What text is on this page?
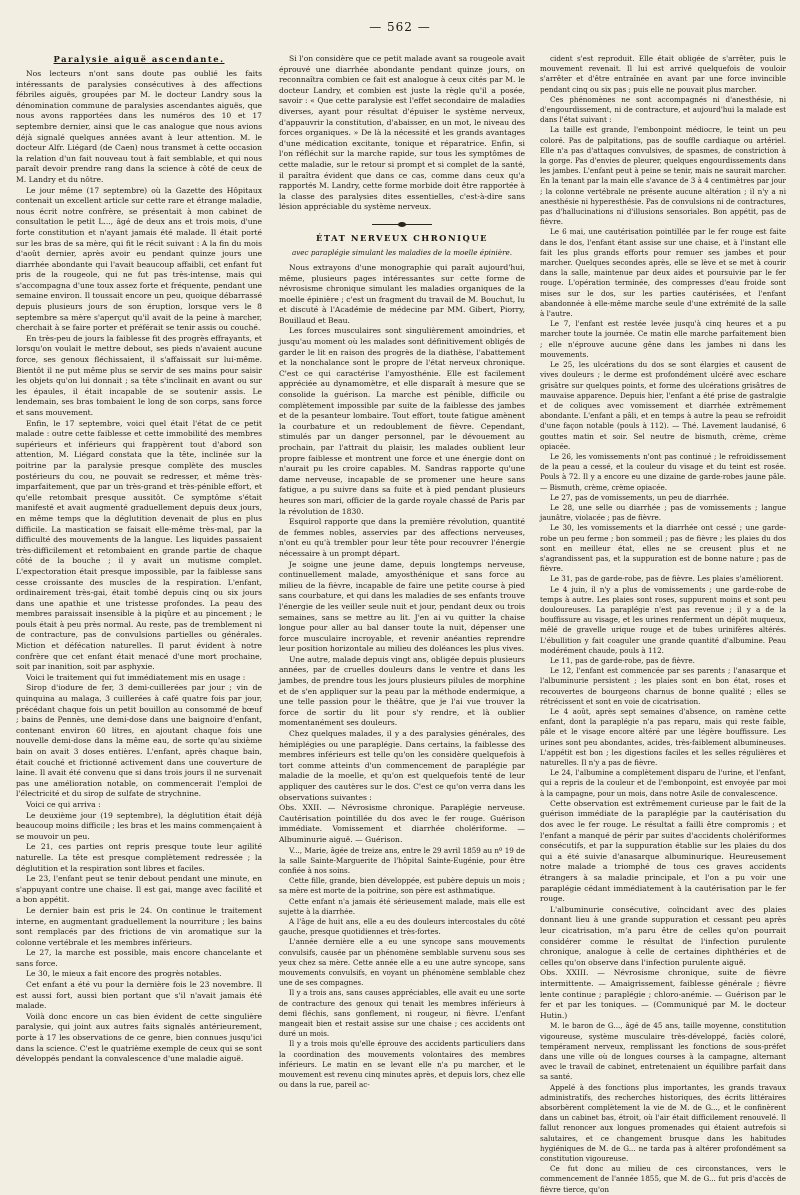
— 562 —
Paralysie aiguë ascendante.

Nos lecteurs n'ont sans doute pas oublié les faits intéressants de paralysies consécutives à des affections fébriles aiguës, groupées par M. le docteur Landry sous la dénomination commune de paralysies ascendantes aiguës, que nous avons rapportées dans les numéros des 10 et 17 septembre dernier, ainsi que le cas analogue que nous avions déjà signalé quelques années avant à leur attention. M. le docteur Alfr. Liégard (de Caen) nous transmet à cette occasion la relation d'un fait nouveau tout à fait semblable, et qui nous paraît devoir prendre rang dans la science à côté de ceux de M. Landry et du nôtre.

Le jour même (17 septembre) où la Gazette des Hôpitaux contenait un excellent article sur cette rare et étrange maladie, nous écrit notre confrère, se présentait à mon cabinet de consultation le petit L..., âgé de deux ans et trois mois, d'une forte constitution et n'ayant jamais été malade. Il était porté sur les bras de sa mère, qui fit le récit suivant : A la fin du mois d'août dernier, après avoir eu pendant quinze jours une diarrhée abondante qui l'avait beaucoup affaibli, cet enfant fut pris de la rougeole, qui ne fut pas très-intense, mais qui s'accompagna d'une toux assez forte et fréquente, pendant une semaine environ. Il toussait encore un peu, quoique débarrassé depuis plusieurs jours de son éruption, lorsque vers le 8 septembre sa mère s'aperçut qu'il avait de la peine à marcher, cherchait à se faire porter et préférait se tenir assis ou couché.

En très-peu de jours la faiblesse fit des progrès effrayants, et lorsqu'on voulait le mettre debout, ses pieds n'avaient aucune force, ses genoux fléchissaient, il s'affaissait sur lui-même. Bientôt il ne put même plus se servir de ses mains pour saisir les objets qu'on lui donnait ; sa tête s'inclinait en avant ou sur les épaules, il était incapable de se soutenir assis. Le lendemain, ses bras tombaient le long de son corps, sans force et sans mouvement.

Enfin, le 17 septembre, voici quel était l'état de ce petit malade : outre cette faiblesse et cette immobilité des membres supérieurs et inférieurs qui frappèrent tout d'abord son attention, M. Liégard constata que la tête, inclinée sur la poitrine par la paralysie presque complète des muscles postérieurs du cou, ne pouvait se redresser, et même très-imparfaitement, que par un très-grand et très-pénible effort, et qu'elle retombait presque aussitôt. Ce symptôme s'était manifesté et avait augmenté graduellement depuis deux jours, en même temps que la déglutition devenait de plus en plus difficile. La mastication se faisait elle-même très-mal, par la difficulté des mouvements de la langue. Les liquides passaient très-difficilement et retombaient en grande partie de chaque côté de la bouche ; il y avait un mutisme complet. L'expectoration était presque impossible, par la faiblesse sans cesse croissante des muscles de la respiration. L'enfant, ordinairement très-gai, était tombé depuis cinq ou six jours dans une apathie et une tristesse profondes. La peau des membres paraissait insensible à la piqûre et au pincement ; le pouls était à peu près normal. Au reste, pas de tremblement ni de contracture, pas de convulsions partielles ou générales. Miction et défécation naturelles. Il parut évident à notre confrère que cet enfant était menacé d'une mort prochaine, soit par inanition, soit par asphyxie.

Voici le traitement qui fut immédiatement mis en usage :

Sirop d'iodure de fer, 3 demi-cuillerées par jour ; vin de quinquina au malaga, 3 cuillerées à café quatre fois par jour, précédant chaque fois un petit bouillon au consommé de bœuf ; bains de Pennès, une demi-dose dans une baignoire d'enfant, contenant environ 60 litres, en ajoutant chaque fois une nouvelle demi-dose dans la même eau, de sorte qu'au sixième bain on avait 3 doses entières. L'enfant, après chaque bain, était couché et frictionné activement dans une couverture de laine. Il avait été convenu que si dans trois jours il ne survenait pas une amélioration notable, on commencerait l'emploi de l'électricité et du sirop de sulfate de strychnine.

Voici ce qui arriva :

Le deuxième jour (19 septembre), la déglutition était déjà beaucoup moins difficile ; les bras et les mains commençaient à se mouvoir un peu.

Le 21, ces parties ont repris presque toute leur agilité naturelle. La tête est presque complètement redressée ; la déglutition et la respiration sont libres et faciles.

Le 23, l'enfant peut se tenir debout pendant une minute, en s'appuyant contre une chaise. Il est gai, mange avec facilité et a bon appétit.

Le dernier bain est pris le 24. On continue le traitement interne, en augmentant graduellement la nourriture ; les bains sont remplacés par des frictions de vin aromatique sur la colonne vertébrale et les membres inférieurs.

Le 27, la marche est possible, mais encore chancelante et sans force.

Le 30, le mieux a fait encore des progrès notables.

Cet enfant a été vu pour la dernière fois le 23 novembre. Il est aussi fort, aussi bien portant que s'il n'avait jamais été malade.

Voilà donc encore un cas bien évident de cette singulière paralysie, qui joint aux autres faits signalés antérieurement, porte à 17 les observations de ce genre, bien connues jusqu'ici dans la science. C'est le quatrième exemple de ceux qui se sont développés pendant la convalescence d'une maladie aiguë.

Si l'on considère que ce petit malade avant sa rougeole avait éprouvé une diarrhée abondante pendant quinze jours, on reconnaîtra combien ce fait est analogue à ceux cités par M. le docteur Landry, et combien est juste la règle qu'il a posée, savoir : « Que cette paralysie est l'effet secondaire de maladies diverses, ayant pour résultat d'épuiser le système nerveux, d'appauvrir la constitution, d'abaisser, en un mot, le niveau des forces organiques. » De là la nécessité et les grands avantages d'une médication excitante, tonique et réparatrice. Enfin, si l'on réfléchit sur la marche rapide, sur tous les symptômes de cette maladie, sur le retour si prompt et si complet de la santé, il paraîtra évident que dans ce cas, comme dans ceux qu'a rapportés M. Landry, cette forme morbide doit être rapportée à la classe des paralysies dites essentielles, c'est-à-dire sans lésion appréciable du système nerveux.

ÉTAT NERVEUX CHRONIQUE
avec paraplégie simulant les maladies de la moelle épinière.

Nous extrayons d'une monographie qui paraît aujourd'hui, même, plusieurs pages intéressantes sur cette forme de névrosisme chronique simulant les maladies organiques de la moelle épinière ; c'est un fragment du travail de M. Bouchut, lu et discuté à l'Académie de médecine par MM. Gibert, Piorry, Bouillaud et Beau.

Les forces musculaires sont singulièrement amoindries, et jusqu'au moment où les malades sont définitivement obligés de garder le lit en raison des progrès de la diathèse, l'abattement et la nonchalance sont le propre de l'état nerveux chronique. C'est ce qui caractérise l'amyosthénie. Elle est facilement appréciée au dynamomètre, et elle disparaît à mesure que se consolide la guérison. La marche est pénible, difficile ou complètement impossible par suite de la faiblesse des jambes et de la pesanteur lombaire. Tout effort, toute fatigue amènent la courbature et un redoublement de fièvre. Cependant, stimulés par un danger personnel, par le dévouement au prochain, par l'attrait du plaisir, les malades oublient leur propre faiblesse et montrent une force et une énergie dont on n'aurait pu les croire capables. M. Sandras rapporte qu'une dame nerveuse, incapable de se promener une heure sans fatigue, a pu suivre dans sa fuite et à pied pendant plusieurs heures son mari, officier de la garde royale chassé de Paris par la révolution de 1830.

Esquirol rapporte que dans la première révolution, quantité de femmes nobles, asservies par des affections nerveuses, n'ont eu qu'à trembler pour leur tête pour recouvrer l'énergie nécessaire à un prompt départ.

Je soigne une jeune dame, depuis longtemps nerveuse, continuellement malade, amyosthénique et sans force au milieu de la fièvre, incapable de faire une petite course à pied sans courbature, et qui dans les maladies de ses enfants trouve l'énergie de les veiller seule nuit et jour, pendant deux ou trois semaines, sans se mettre au lit. J'en ai vu quitter la chaise longue pour aller au bal danser toute la nuit, dépenser une force musculaire incroyable, et revenir anéanties reprendre leur position horizontale au milieu des doléances les plus vives.

Une autre, malade depuis vingt ans, obligée depuis plusieurs années, par de cruelles douleurs dans le ventre et dans les jambes, de prendre tous les jours plusieurs pilules de morphine et de s'en appliquer sur la peau par la méthode endermique, a une telle passion pour le théâtre, que je l'ai vue trouver la force de sortir du lit pour s'y rendre, et là oublier momentanément ses douleurs.

Chez quelques malades, il y a des paralysies générales, des hémiplégies ou une paraplégie. Dans certains, la faiblesse des membres inférieurs est telle qu'on les considère quelquefois à tort comme atteints d'un commencement de paraplégie par maladie de la moelle, et qu'on est quelquefois tenté de leur appliquer des cautères sur le dos. C'est ce qu'on verra dans les observations suivantes :

Obs. XXII. — Névrosisme chronique. Paraplégie nerveuse. Cautérisation pointillée du dos avec le fer rouge. Guérison immédiate. Vomissement et diarrhée cholériforme. — Albuminurie aiguë. — Guérison.

V..., Marie, âgée de treize ans, entre le 29 avril 1859 au nº 19 de la salle Sainte-Marguerite de l'hôpital Sainte-Eugénie, pour être confiée à nos soins.

Cette fille, grande, bien développée, est pubère depuis un mois ; sa mère est morte de la poitrine, son père est asthmatique.

Cette enfant n'a jamais été sérieusement malade, mais elle est sujette à la diarrhée.

A l'âge de huit ans, elle a eu des douleurs intercostales du côté gauche, presque quotidiennes et très-fortes.

L'année dernière elle a eu une syncope sans mouvements convulsifs, causée par un phénomène semblable survenu sous ses yeux chez sa mère. Cette année elle a eu une autre syncope, sans mouvements convulsifs, en voyant un phénomène semblable chez une de ses compagnes.

Il y a trois ans, sans causes appréciables, elle avait eu une sorte de contracture des genoux qui tenait les membres inférieurs à demi fléchis, sans gonflement, ni rougeur, ni fièvre. L'enfant mangeait bien et restait assise sur une chaise ; ces accidents ont duré un mois.

Il y a trois mois qu'elle éprouve des accidents particuliers dans la coordination des mouvements volontaires des membres inférieurs. Le matin en se levant elle n'a pu marcher, et le mouvement est revenu cinq minutes après, et depuis lors, chez elle ou dans la rue, pareil ac-

cident s'est reproduit. Elle était obligée de s'arrêter, puis le mouvement revenait. Il lui est arrivé quelquefois de vouloir s'arrêter et d'être entraînée en avant par une force invincible pendant cinq ou six pas ; puis elle ne pouvait plus marcher.

Ces phénomènes ne sont accompagnés ni d'anesthésie, ni d'engourdissement, ni de contracture, et aujourd'hui la malade est dans l'état suivant :

La taille est grande, l'embonpoint médiocre, le teint un peu coloré. Pas de palpitations, pas de souffle cardiaque ou artériel. Elle n'a pas d'attaques convulsives, de spasmes, de constriction à la gorge. Pas d'envies de pleurer, quelques engourdissements dans les jambes. L'enfant peut à peine se tenir, mais ne saurait marcher. En la tenant par la main elle s'avance de 3 à 4 centimètres par jour ; la colonne vertébrale ne présente aucune altération ; il n'y a ni anesthésie ni hyperesthésie. Pas de convulsions ni de contractures, pas d'hallucinations ni d'illusions sensoriales. Bon appétit, pas de fièvre.

Le 6 mai, une cautérisation pointillée par le fer rouge est faite dans le dos, l'enfant étant assise sur une chaise, et à l'instant elle fait les plus grands efforts pour remuer ses jambes et pour marcher. Quelques secondes après, elle se lève et se met à courir dans la salle, maintenue par deux aides et poursuivie par le fer rouge. L'opération terminée, des compresses d'eau froide sont mises sur le dos, sur les parties cautérisées, et l'enfant abandonnée à elle-même marche seule d'une extrémité de la salle à l'autre.

Le 7, l'enfant est restée levée jusqu'à cinq heures et a pu marcher toute la journée. Ce matin elle marche parfaitement bien ; elle n'éprouve aucune gêne dans les jambes ni dans les mouvements.

Le 25, les ulcérations du dos se sont élargies et causent de vives douleurs ; le derme est profondément ulcéré avec eschare grisâtre sur quelques points, et forme des ulcérations grisâtres de mauvaise apparence. Depuis hier, l'enfant a été prise de gastralgie et de coliques avec vomissement et diarrhée extrêmement abondante. L'enfant a pâli, et en temps à autre la peau se refroidit d'une façon notable (pouls à 112). — Thé. Lavement laudanisé, 6 gouttes matin et soir. Sel neutre de bismuth, crème, crème opiacée.

Le 26, les vomissements n'ont pas continué ; le refroidissement de la peau a cessé, et la couleur du visage et du teint est rosée. Pouls à 72. Il y a encore eu une dizaine de garde-robes jaune pâle. — Bismuth, crème, crème opiacée.

Le 27, pas de vomissements, un peu de diarrhée.

Le 28, une selle ou diarrhée ; pas de vomissements ; langue jaunâtre, violacée ; pas de fièvre.

Le 30, les vomissements et la diarrhée ont cessé ; une garde-robe un peu ferme ; bon sommeil ; pas de fièvre ; les plaies du dos sont en meilleur état, elles ne se creusent plus et ne s'agrandissent pas, et la suppuration est de bonne nature ; pas de fièvre.

Le 31, pas de garde-robe, pas de fièvre. Les plaies s'améliorent.

Le 4 juin, il n'y a plus de vomissements ; une garde-robe de temps à autre. Les plaies sont roses, suppurent moins et sont peu douloureuses. La paraplégie n'est pas revenue ; il y a de la bouffissure au visage, et les urines renferment un dépôt muqueux, mêlé de gravelle urique rouge et de tubes urinifères altérés. L'ébullition y fait coaguler une grande quantité d'albumine. Peau modérément chaude, pouls à 112.

Le 11, pas de garde-robe, pas de fièvre.

Le 12, l'enfant est commencée par ses parents ; l'anasarque et l'albuminurie persistent ; les plaies sont en bon état, roses et recouvertes de bourgeons charnus de bonne qualité ; elles se rétrécissent et sont en voie de cicatrisation.

Le 4 août, après sept semaines d'absence, on ramène cette enfant, dont la paraplégie n'a pas reparu, mais qui reste faible, pâle et le visage encore altéré par une légère bouffissure. Les urines sont peu abondantes, acides, très-faiblement albumineuses. L'appétit est bon ; les digestions faciles et les selles régulières et naturelles. Il n'y a pas de fièvre.

Le 24, l'albumine a complètement disparu de l'urine, et l'enfant, qui a repris de la couleur et de l'embonpoint, est envoyée par moi à la campagne, pour un mois, dans notre Asile de convalescence.

Cette observation est extrêmement curieuse par le fait de la guérison immédiate de la paraplégie par la cautérisation du dos avec le fer rouge. Le résultat a failli être compromis ; et l'enfant a manqué de périr par suites d'accidents cholériformes consécutifs, et par la suppuration établie sur les plaies du dos qui a été suivie d'anasarque albuminurique. Heureusement notre malade a triomphé de tous ces graves accidents étrangers à sa maladie principale, et l'on a pu voir une paraplégie cédant immédiatement à la cautérisation par le fer rouge.

L'albuminurie consécutive, coïncidant avec des plaies donnant lieu à une grande suppuration et cessant peu après leur cicatrisation, m'a paru être de celles qu'on pourrait considérer comme le résultat de l'infection purulente chronique, analogue à celle de certaines diphthéries et de celles qu'on observe dans l'infection purulente aiguë.

Obs. XXIII. — Névrosisme chronique, suite de fièvre intermittente. — Amaigrissement, faiblesse générale ; fièvre lente continue ; paraplégie ; chloro-anémie. — Guérison par le fer et par les toniques. — (Communiqué par M. le docteur Hutin.)

M. le baron de G..., âgé de 45 ans, taille moyenne, constitution vigoureuse, système musculaire très-développé, faciès coloré, tempérament nerveux, remplissant les fonctions de sous-préfet dans une ville où de longues courses à la campagne, alternant avec le travail de cabinet, entretenaient un équilibre parfait dans sa santé.

Appelé à des fonctions plus importantes, les grands travaux administratifs, des recherches historiques, des écrits littéraires absorbèrent complètement la vie de M. de G..., et le confinèrent dans un cabinet bas, étroit, où l'air était difficilement renouvelé. Il fallut renoncer aux longues promenades qui étaient autrefois si salutaires, et ce changement brusque dans les habitudes hygiéniques de M. de G... ne tarda pas à altérer profondément sa constitution vigoureuse.

Ce fut donc au milieu de ces circonstances, vers le commencement de l'année 1855, que M. de G... fut pris d'accès de fièvre tierce, qu'on
